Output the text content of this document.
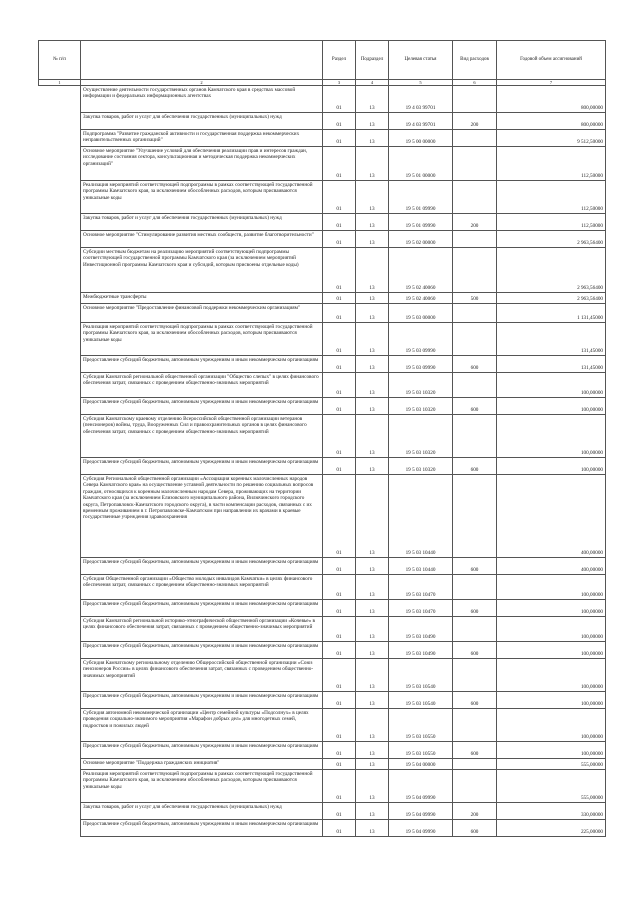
№ п/п		Раздел	Подраздел	Целевая статья	Вид расходов	Годовой объем ассигнований
1	2	3	4	5	6	7
	Осуществление деятельности государственных органов Камчатского края в средствах массовой информации и федеральных информационных агентствах	01	13	19 4 03 99701		800,00000
	Закупка товаров, работ и услуг для обеспечения государственных (муниципальных) нужд	01	13	19 4 03 99701	200	800,00000
	Подпрограмма "Развитие гражданской активности и государственная поддержка некоммерческих неправительственных организаций"	01	13	19 5 00 00000		9 512,50000
	Основное мероприятие "Улучшение условий для обеспечения реализации прав и интересов граждан, исследование состояния сектора, консультационная и методическая поддержка некоммерческих организаций"	01	13	19 5 01 00000		112,50000
	Реализация мероприятий соответствующей подпрограммы в рамках соответствующей государственной программы Камчатского края, за исключением обособленных расходов, которым присваиваются уникальные коды	01	13	19 5 01 09990		112,50000
	Закупка товаров, работ и услуг для обеспечения государственных (муниципальных) нужд	01	13	19 5 01 09990	200	112,50000
	Основное мероприятие "Стимулирование развития местных сообществ, развитие благотворительности"	01	13	19 5 02 00000		2 963,56400
	Субсидии местным бюджетам на реализацию мероприятий соответствующей подпрограммы соответствующей государственной программы Камчатского края (за исключением мероприятий Инвестиционной программы Камчатского края и субсидий, которым присвоены отдельные коды)	01	13	19 5 02 40060		2 963,56400
	Межбюджетные трансферты	01	13	19 5 02 40060	500	2 963,56400
	Основное мероприятие "Предоставление финансовой поддержки некоммерческим организациям"	01	13	19 5 03 00000		1 131,45000
	Реализация мероприятий соответствующей подпрограммы в рамках соответствующей государственной программы Камчатского края, за исключением обособленных расходов, которым присваиваются уникальные коды	01	13	19 5 03 09990		131,45000
	Предоставление субсидий бюджетным, автономным учреждениям и иным некоммерческим организациям	01	13	19 5 03 09990	600	131,45000
	Субсидия Камчатской региональной общественной организации "Общество слепых" в целях финансового обеспечения затрат, связанных с проведением общественно-значимых мероприятий	01	13	19 5 03 10320		100,00000
	Предоставление субсидий бюджетным, автономным учреждениям и иным некоммерческим организациям	01	13	19 5 03 10320	600	100,00000
	Субсидия Камчатскому краевому отделению Всероссийской общественной организации ветеранов (пенсионеров) войны, труда, Вооруженных Сил и правоохранительных органов в целях финансового обеспечения затрат, связанных с проведением общественно-значимых мероприятий	01	13	19 5 03 10320		100,00000
	Предоставление субсидий бюджетным, автономным учреждениям и иным некоммерческим организациям	01	13	19 5 03 10320	600	100,00000
	Субсидия Региональной общественной организации «Ассоциация коренных малочисленных народов Севера Камчатского края» на осуществление уставной деятельности по решению социальных вопросов граждан, относящихся к коренным малочисленным народам Севера, проживающих на территории Камчатского края (за исключением Елизовского муниципального района, Вилючинского городского округа, Петропавловск-Камчатского городского округа), в части компенсации расходов, связанных с их временным проживанием в г. Петропавловске-Камчатском при направлении их врачами в краевые государственные учреждения здравоохранения	01	13	19 5 03 10440		400,00000
	Предоставление субсидий бюджетным, автономным учреждениям и иным некоммерческим организациям	01	13	19 5 03 10440	600	400,00000
	Субсидия Общественной организации «Общество молодых инвалидов Камчатки» в целях финансового обеспечения затрат, связанных с проведением общественно-значимых мероприятий	01	13	19 5 03 10470		100,00000
	Предоставление субсидий бюджетным, автономным учреждениям и иным некоммерческим организациям	01	13	19 5 03 10470	600	100,00000
	Субсидия Камчатской региональной историко-этнографической общественной организации «Кочевье» в целях финансового обеспечения затрат, связанных с проведением общественно-значимых мероприятий	01	13	19 5 03 10490		100,00000
	Предоставление субсидий бюджетным, автономным учреждениям и иным некоммерческим организациям	01	13	19 5 03 10490	600	100,00000
	Субсидия Камчатскому региональному отделению Общероссийской общественной организации «Союз пенсионеров России» в целях финансового обеспечения затрат, связанных с проведением общественно-значимых мероприятий	01	13	19 5 03 10540		100,00000
	Предоставление субсидий бюджетным, автономным учреждениям и иным некоммерческим организациям	01	13	19 5 03 10540	600	100,00000
	Субсидия автономной некоммерческой организации «Центр семейной культуры «Подсолнух» в целях проведения социально-значимого мероприятия «Марафон добрых дел» для многодетных семей, подростков и пожилых людей	01	13	19 5 03 10550		100,00000
	Предоставление субсидий бюджетным, автономным учреждениям и иным некоммерческим организациям	01	13	19 5 03 10550	600	100,00000
	Основное мероприятие "Поддержка гражданских инициатив"	01	13	19 5 04 00000		555,00000
	Реализация мероприятий соответствующей подпрограммы в рамках соответствующей государственной программы Камчатского края, за исключением обособленных расходов, которым присваиваются уникальные коды	01	13	19 5 04 09990		555,00000
	Закупка товаров, работ и услуг для обеспечения государственных (муниципальных) нужд	01	13	19 5 04 09990	200	330,00000
	Предоставление субсидий бюджетным, автономным учреждениям и иным некоммерческим организациям	01	13	19 5 04 09990	600	225,00000
